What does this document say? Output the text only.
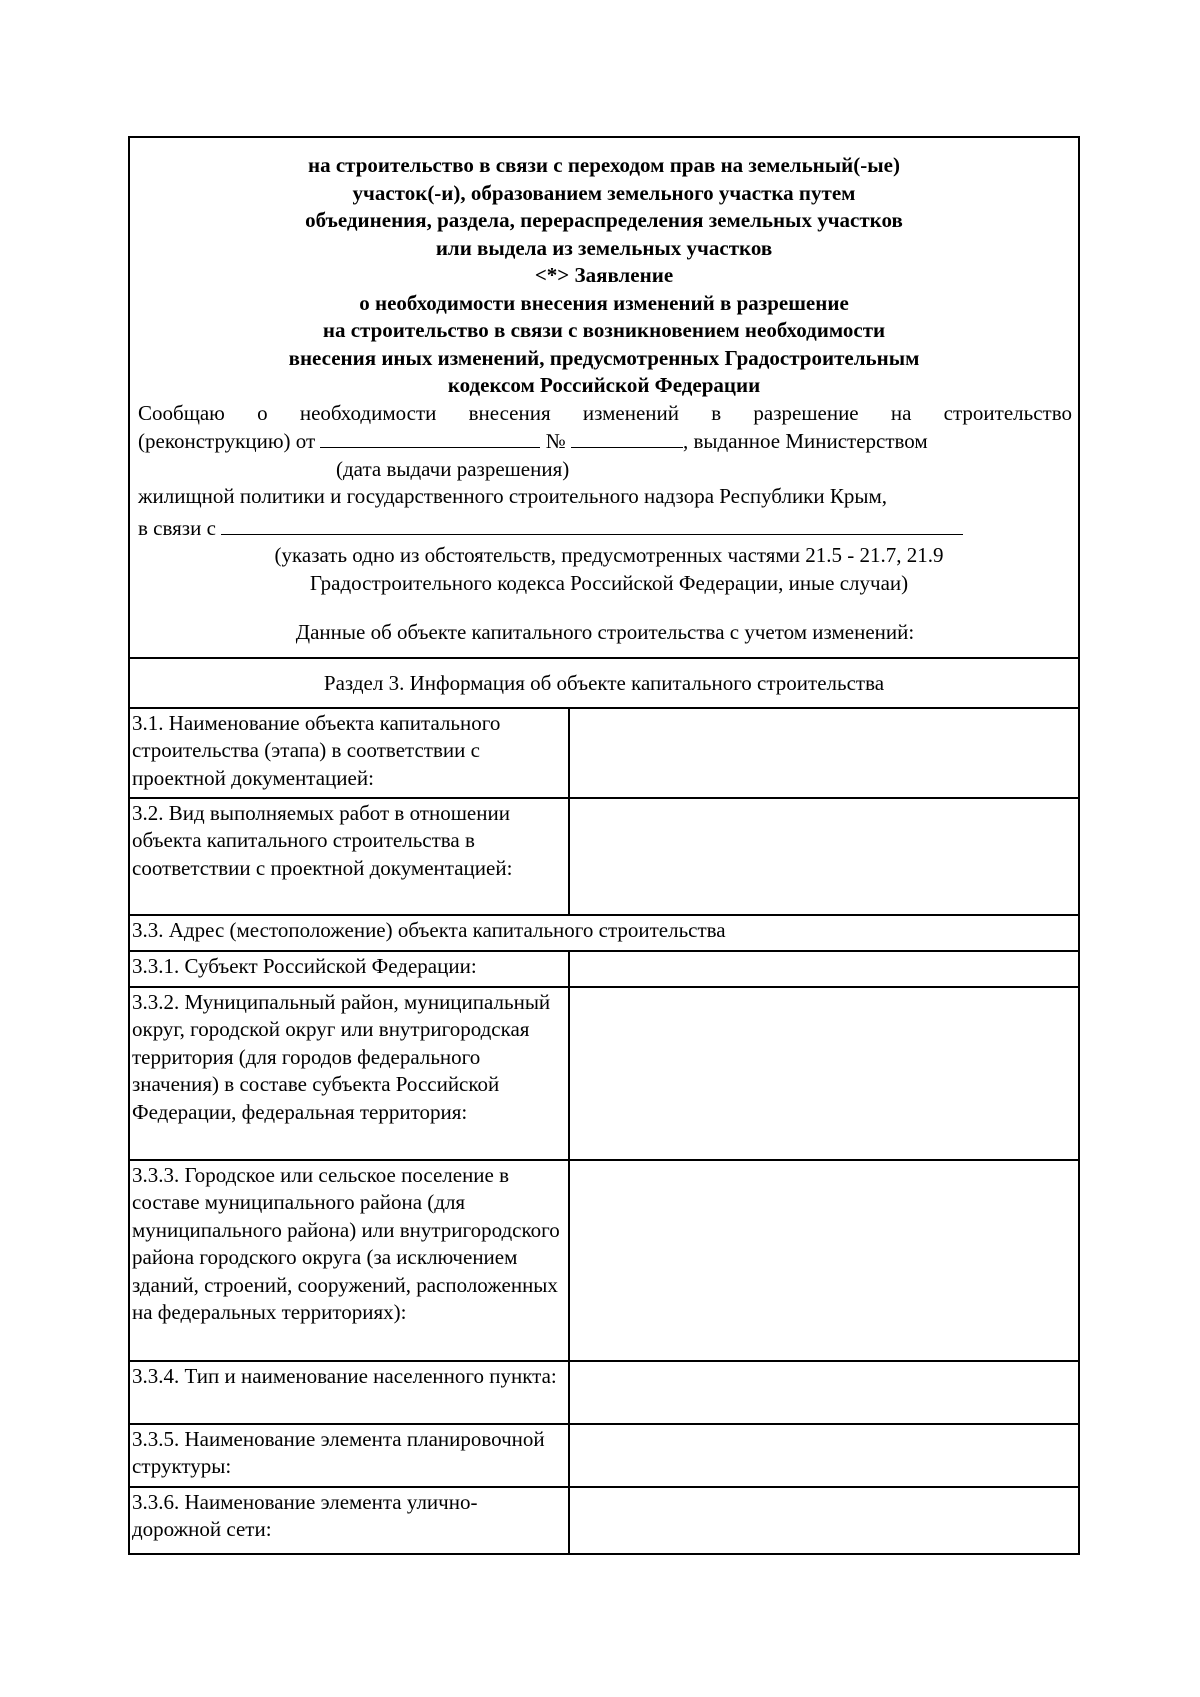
на строительство в связи с переходом прав на земельный(-ые)
участок(-и), образованием земельного участка путем
объединения, раздела, перераспределения земельных участков
или выдела из земельных участков
<*> Заявление
о необходимости внесения изменений в разрешение
на строительство в связи с возникновением необходимости
внесения иных изменений, предусмотренных Градостроительным
кодексом Российской Федерации
Сообщаю о необходимости внесения изменений в разрешение на строительство
(реконструкцию) от	№	, выданное Министерством
(дата выдачи разрешения)
жилищной политики и государственного строительного надзора Республики Крым,
в связи с
(указать одно из обстоятельств, предусмотренных частями 21.5 - 21.7, 21.9
Градостроительного кодекса Российской Федерации, иные случаи)
Данные об объекте капитального строительства с учетом изменений:
Раздел 3. Информация об объекте капитального строительства
3.1. Наименование объекта капитального строительства (этапа) в соответствии с проектной документацией:	
3.2. Вид выполняемых работ в отношении объекта капитального строительства в соответствии с проектной документацией:	
3.3. Адрес (местоположение) объекта капитального строительства	
3.3.1. Субъект Российской Федерации:	
3.3.2. Муниципальный район, муниципальный округ, городской округ или внутригородская территория (для городов федерального значения) в составе субъекта Российской Федерации, федеральная территория:	
3.3.3. Городское или сельское поселение в составе муниципального района (для муниципального района) или внутригородского района городского округа (за исключением зданий, строений, сооружений, расположенных на федеральных территориях):	
3.3.4. Тип и наименование населенного пункта:	
3.3.5. Наименование элемента планировочной структуры:	
3.3.6. Наименование элемента улично-дорожной сети:	
